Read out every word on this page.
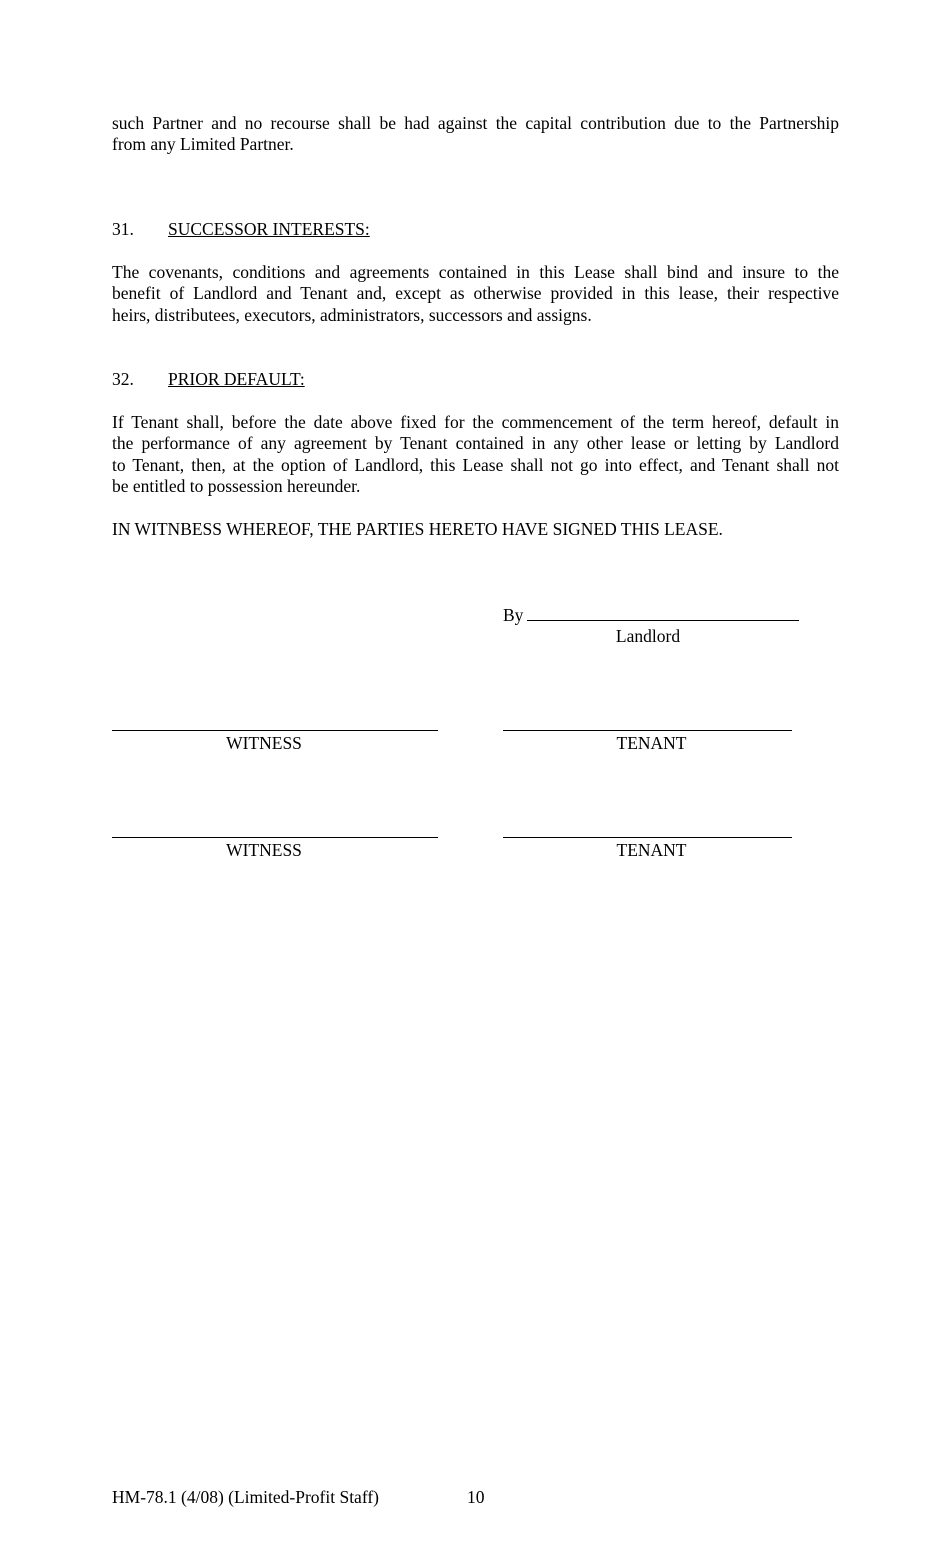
such Partner and no recourse shall be had against the capital contribution due to the Partnership
from any Limited Partner.

31. SUCCESSOR INTERESTS:

The covenants, conditions and agreements contained in this Lease shall bind and insure to the
benefit of Landlord and Tenant and, except as otherwise provided in this lease, their respective
heirs, distributees, executors, administrators, successors and assigns.

32. PRIOR DEFAULT:

If Tenant shall, before the date above fixed for the commencement of the term hereof, default in
the performance of any agreement by Tenant contained in any other lease or letting by Landlord
to Tenant, then, at the option of Landlord, this Lease shall not go into effect, and Tenant shall not
be entitled to possession hereunder.

IN WITNBESS WHEREOF, THE PARTIES HERETO HAVE SIGNED THIS LEASE.

By
Landlord
WITNESS	TENANT
WITNESS	TENANT
HM-78.1 (4/08) (Limited-Profit Staff)	10
